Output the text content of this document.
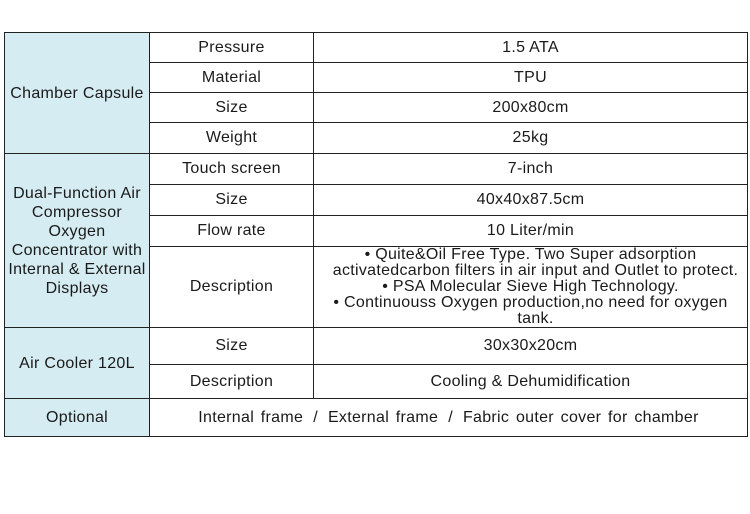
Chamber Capsule	Pressure	1.5 ATA
	Material	TPU
	Size	200x80cm
	Weight	25kg
Dual-Function Air Compressor Oxygen Concentrator with Internal & External Displays	Touch screen	7-inch
	Size	40x40x87.5cm
	Flow rate	10 Liter/min
	Description	• Quite&Oil Free Type. Two Super adsorption activatedcarbon filters in air input and Outlet to protect.
• PSA Molecular Sieve High Technology.
• Continuouss Oxygen production,no need for oxygen tank.

Air Cooler 120L	Size	30x30x20cm
	Description	Cooling & Dehumidification
Optional	Internal frame / External frame / Fabric outer cover for chamber	
